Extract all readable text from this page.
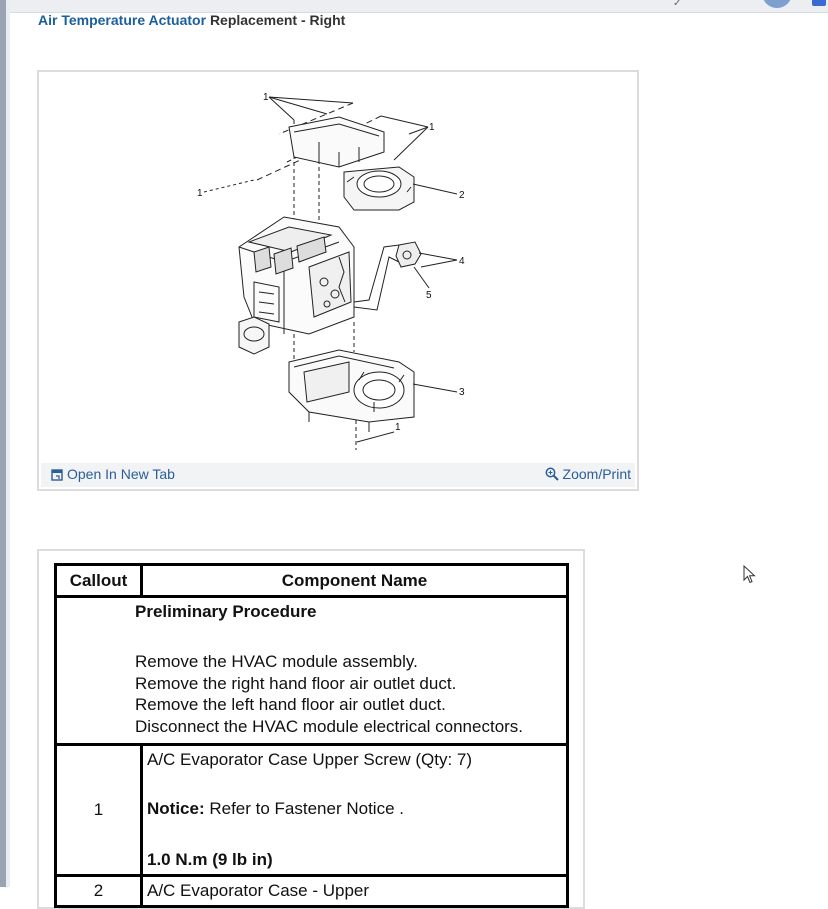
✓
Air Temperature Actuator Replacement - Right
1
1
1	2
4
5
3
1
Open In New Tab	Zoom/Print
Callout	Component Name

Preliminary Procedure
Remove the HVAC module assembly.
Remove the right hand floor air outlet duct.
Remove the left hand floor air outlet duct.
Disconnect the HVAC module electrical connectors.	

1	A/C Evaporator Case Upper Screw (Qty: 7)
Notice: Refer to Fastener Notice .
1.0 N.m (9 lb in)

2	A/C Evaporator Case - Upper
